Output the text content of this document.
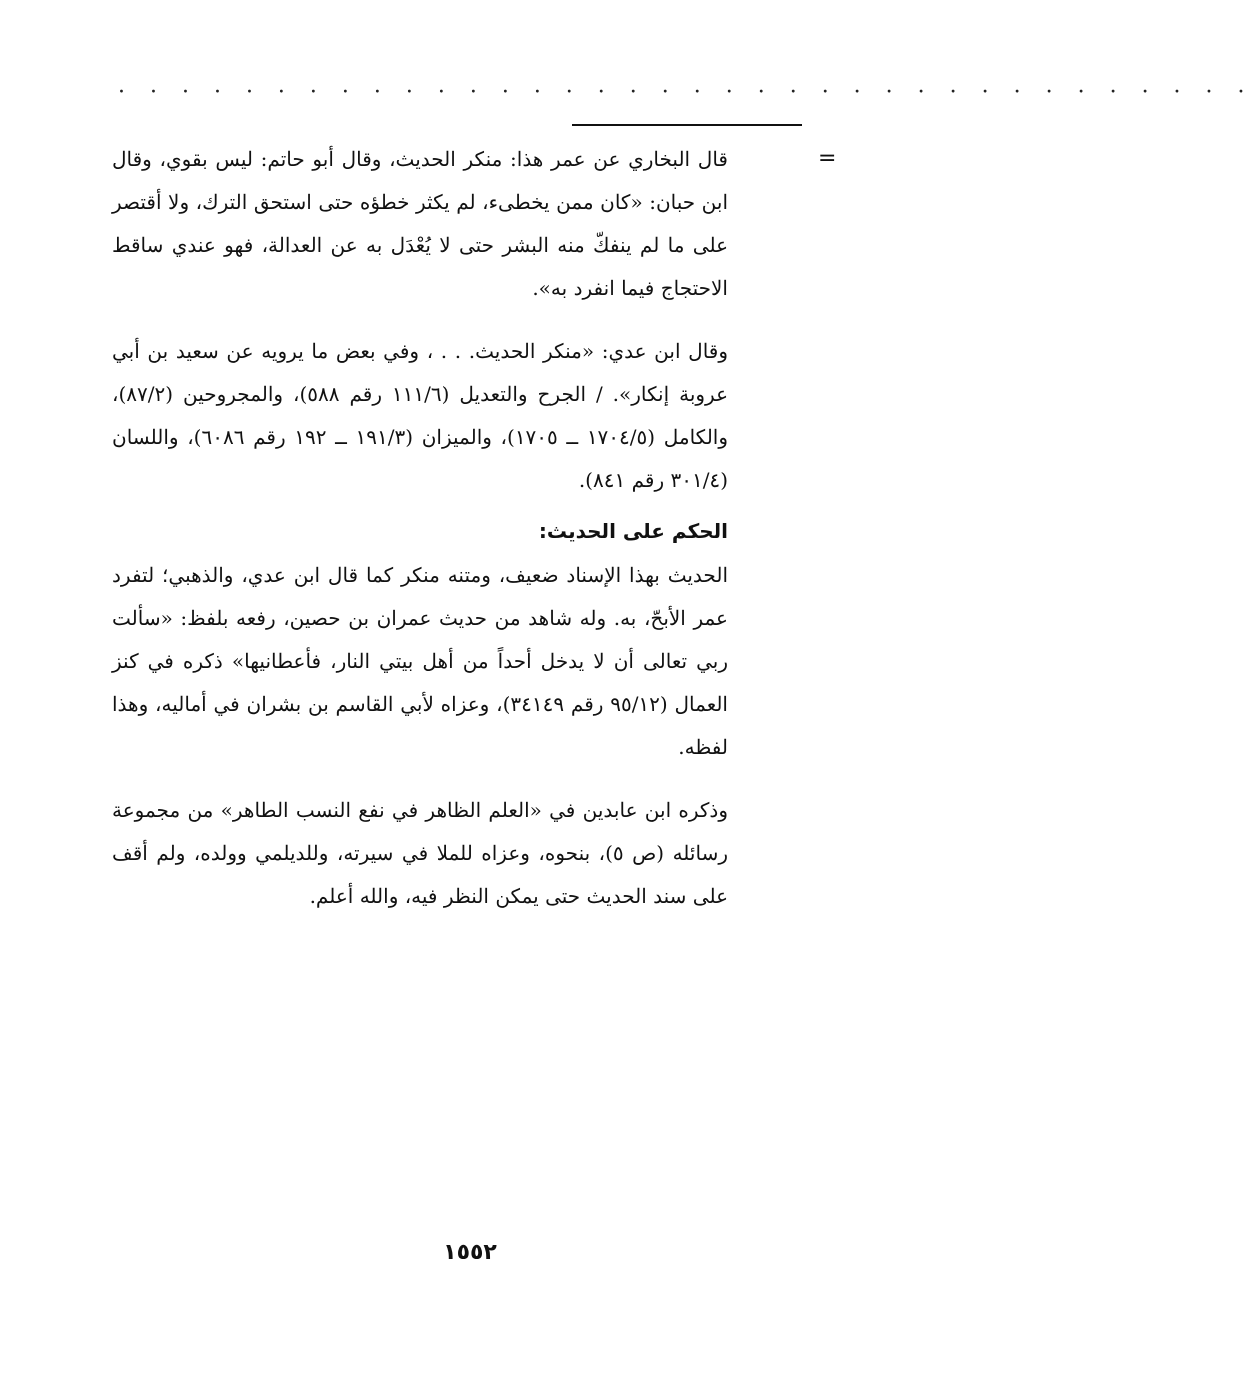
· · · · · · · · · · · · · · · · · · · · · · · · · · · · · · · · · · · ·
=

قال البخاري عن عمر هذا: منكر الحديث، وقال أبو حاتم: ليس بقوي، وقال ابن حبان: «كان ممن يخطىء، لم يكثر خطؤه حتى استحق الترك، ولا أقتصر على ما لم ينفكّ منه البشر حتى لا يُعْدَل به عن العدالة، فهو عندي ساقط الاحتجاج فيما انفرد به».

وقال ابن عدي: «منكر الحديث. . . ، وفي بعض ما يرويه عن سعيد بن أبي عروبة إنكار». / الجرح والتعديل (١١١/٦ رقم ٥٨٨)، والمجروحين (٨٧/٢)، والكامل (١٧٠٤/٥ ــ ١٧٠٥)، والميزان (١٩١/٣ ــ ١٩٢ رقم ٦٠٨٦)، واللسان (٣٠١/٤ رقم ٨٤١).

الحكم على الحديث:

الحديث بهذا الإسناد ضعيف، ومتنه منكر كما قال ابن عدي، والذهبي؛ لتفرد عمر الأبحّ، به. وله شاهد من حديث عمران بن حصين، رفعه بلفظ: «سألت ربي تعالى أن لا يدخل أحداً من أهل بيتي النار، فأعطانيها» ذكره في كنز العمال (٩٥/١٢ رقم ٣٤١٤٩)، وعزاه لأبي القاسم بن بشران في أماليه، وهذا لفظه.

وذكره ابن عابدين في «العلم الظاهر في نفع النسب الطاهر» من مجموعة رسائله (ص ٥)، بنحوه، وعزاه للملا في سيرته، وللديلمي وولده، ولم أقف على سند الحديث حتى يمكن النظر فيه، والله أعلم.

١٥٥٢
